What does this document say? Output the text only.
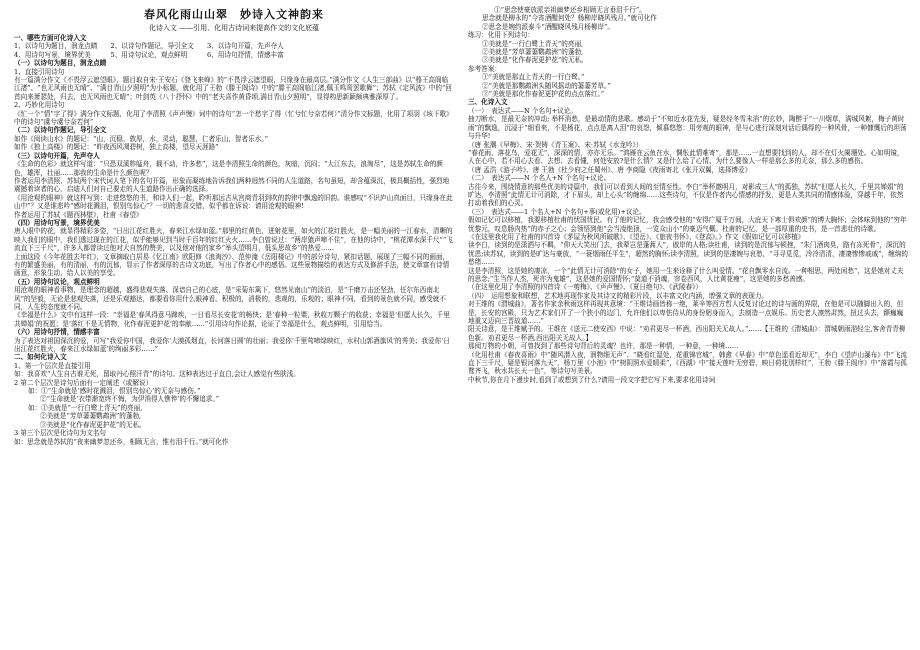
春风化雨山山翠　妙诗入文神韵来
化诗入文 ——引用、化用古诗词来提高作文的文化底蕴

一、哪些方面可化诗入文

1、以诗句为题目，润龙点睛　　2、以诗句作题记，导引全文　　3、以诗句开篇，先声夺人

4、用诗句写景，境界优美　　　5、用诗句议论，观点鲜明　　　6、用诗句抒情，情感丰富

（一）以诗句为题目，润龙点睛

1、直接引用诗句

有一篇满分作文《不畏浮云遮望眼》，题目取自宋·王安石《登飞来峰》的“不畏浮云遮望眼，只缘身在最高层。”满分作文《人生三部曲》以“蓦王高阁临江渚”、“也无风雨也无晴”、“满目青山夕照明”为小标题，就化用了王勃《滕王阁诗》中的“滕王高阁临江渚,佩玉鸣鸾罢歌舞”；苏轼《定风波》中的“回首向来萧瑟处，归去，也无风雨也无晴”；叶剑英《八十抒怀》中的“老夫喜作黄昏颂,满目青山夕照明”，显得构思新颖颇典雅深厚了。

2、巧妙化用诗句

《忙一个“情”字了得》满分作文标题，化用了李清照《声声慢》词中的诗句“怎一个愁字了得（忙兮忙兮奈若何）”清分作文标题，化用了项羽《垓下歌》中的诗句“虞兮虞兮奈若何”

（二）以诗句作题记，导引全文

如作《阅读山水》的题记：“山，沉稳，敦厚，水，灵动，聪慧，仁者乐山，智者乐水。”

如作《独上高楼》的题记：“昨夜西风凋碧树，独上高楼，望尽天涯路”

（三）以诗句开篇，先声夺人

《生命的色彩》就这样写道：“只恐双溪舴艋舟，载不动，许多愁”，这是李清照生命的颜色，灰暗，沉闷；“大江东去，浪淘尽”，这是苏轼生命的颜色，雄浑，壮丽……那我的生命是什么颜色呢？

作者运用李清照、苏轼两个宋代词人笔下的名句开篇，形象而凝练地告诉我们两种迥然不同的人生道路，名句虽短，却含蕴深沉，极具概括性，强烈地震撼着读者的心，启迪人们对自己要走的人生道路作出正确的选择。

《用沧观的眼神》就这样写到：走进悠悠的书，和诗人们一起，聆听那远古从宫商青羽到吹的韵律中飘逸的旧韵。谁感叹“不识庐山真面目，只缘身在此山中”？又是谁悲吟“感时花溅泪，恨别鸟惊心”？一切的悲喜交错，似乎都在诉说：请用沧观的眼神!

作者运用了苏轼《题西林壁》，杜甫《春望》

（四）用诗句写景，境界优美

唐人眼中的花，就显得精彩多姿，“日出江花红胜火，春来江水绿如蓝。”那里的红黄色，迸射花里，如火的江花红胜火，是一幅美丽的一江春水，清晰的映入我们的眼中，我们透过现在的江花，似乎能够见到当时千百年的红红火火……李白曾说过：“两岸猿声啼不住”，在他的诗中，“桃花潭水深千尺”“飞流直下三千尺”，许多人都曾读过他对大自然的赞美，以及他对他的家乡“举头望明月，低头思故乡”的热爱……

上面这段《今年花胜去年红》，文章摘取白居易《忆江南》欧阳修《浪淘沙》、范仲淹《岳阳楼记》中的部分诗句，紧扣话题，展现了三幅不同的画面，有的繁盛美丽，有的清丽，有的沉郁，显示了作者深厚的古诗文功底，写出了作者心中的感悟。这些景物描绘的表达方式及修辞手法，使文章富有诗情画意，形象生动，给人以美的享受。

（五）用诗句议论，观点鲜明

用沧观的眼神看事物，是理念的超越，盛得悲观失落、深谙自己的心底，是“采菊东篱下，悠然见南山”的淡泊，是“千磨万击还坚劲，任尔东西南北风”的坚毅，无论是悲观失落，还是乐观豁达，都要看你用什么眼神看。积极的，消极的，悲观的，乐观的；眼神不同，看到的景色就不同，感受就不同，人生的态度就不同。

《幸福是什么》文中有这样一段：“幸福是‘春风得意马蹄疾，一日看尽长安花’的畅快；是‘春种一粒粟，秋收万颗子’的收获；幸福是‘但愿人长久，千里共婵娟’的祝愿；是‘落红不是无情物，化作春泥更护花’的奉献……”引用诗句作论据，论证了幸福是什么，观点鲜明，引用恰当。

（六）用诗句抒情，情感丰富

为了表达对祖国深沉的爱，可写“我爱你中国，我爱你‘大漠孤烟直，长河落日圆’的壮丽；我爱你‘千里莺啼绿映红，水村山郭酒旗风’的秀美；我爱你‘日出江花红胜火，春来江水绿如蓝’的绚丽多彩……”

二、如何化诗入文

1、第一个层次是直接引用

如：我喜欢“人生自古谁无死，留取丹心照汗青”的诗句。这种表达过于直白,会让人感觉有些肤浅。

2 第二个层次是诗句后面有一定阐述（或解说）

如：①“生命就是‘感时花溅泪，恨别鸟惊心’的无奈与感伤。”

②“生命就是‘衣带渐宽终不悔，为伊消得人憔悴’的不懈追求。”

如：①美就是“一行白鹭上青天”的亮丽,

②美就是“芳草萋萋鹦鹉洲”的蓬勃,

③美就是“化作春泥更护花”的无私。

3 第三个层次是化诗句为文名句

如：思念就是苏轼的“夜来幽梦忽还乡，相顾无言，惟有泪千行。”就可化作

①“思念使豪放派亲祖幽梦还乡相顾无言垂泪千行”。

思念就是柳永的“今宵酒醒何处？杨柳岸晓风残月。”就可化作

②思念是婉约派泰斗“酒醒晓风残月杨柳岸”。

练习：化用下列诗句：

①美就是“一行白鹭上青天”的亮丽,

②美就是“芳草萋萋鹦鹉洲”的蓬勃,

③美就是“化作春泥更护花”的无私。

参考答案：

①“美就是那直上青天的一行白鹭。”

②“美就是那鹦鹉洲头随风摇动的萋萋芳草。”

③“美就是那化作春泥更护花的点点落红。”

三、化诗入文

（一）　表达式——N 个名句+议论。

抽刀断水，是最无奈的冲动; 举杯消愁，是最动情的悲歌。感动于“不知近水花先发，疑是经冬雪未消”的玄妙，陶醉于“一川烟草，满城风絮，梅子黄时雨”的飘逸，沉浸于“细看来，不是杨花，点点是离人泪”的哀怨，倾慕悠悠：用旁观的眼神，是与心进行深刻对话后偶得的一种风骨，一种慷慨后的坦荡与升华!

（唐 张潮《早梅》、宋·贺铸《青玉案》、宋·苏轼《水龙吟》）

“春花雨，落花鸟，爱花无”，深深的情，亦亦无乐。“鸿雁在云鱼在水，惆怅此情难寄”，那是……一直想要找到的人，却不在灯火阑珊处。心如明镜，人在心中，若不用心去看、去想、去看懂，何处安放?是什么情？又是什么给了心情、为什么要像人一样是那么多的无奈，那么多的感伤。

（唐 孟浩《游子吟》、唐 王勃《杜少府之任蜀州》、唐 李商隐《夜雨寄北《张开双翼，选择博爱》

（二）　表达式——N 个名人+N 个名句+议论。

古往今来，围绕情意的那些优美的诗篇中，我们可以看到人间的至情至性。李白“举杯邀明月，对影成三人”的孤独，苏轼“但愿人长久，千里共婵娟”的旷达，李清照“此情无计可消除，才下眉头，却上心头”的缠绵……这些诗句，不仅是作者内心情感的抒发，更是人类共同的情感体验，穿越千年，依然打动着我们的心灵。

（三）　表达式——1 个名人+N 个名句+事(或化用)+议论。

假如记忆可以移植，我要移植杜甫的忧国忧民。有了他的记忆，我会感受他的“安得广厦千万间，大庇天下寒士俱欢颜”的博大胸怀；会体味到他的“穷年忧黎元，叹息肠内热”的赤子之心；会领悟到他“会当凌绝顶，一览众山小”的豪迈气概。杜甫的记忆，是一部厚重的史书，是一首悲壮的诗歌。

《在这里我化用了杜甫的四首诗《茅屋为秋风所破歌》、《望岳》、《旅夜书怀》、《登高》。》作文《假如记忆可以移植》

读李白，读到的是潇洒与不羁，“仰天大笑出门去，我辈岂是蓬蒿人”，傲岸的人格;读杜甫，读到的是沉郁与顿挫，“朱门酒肉臭，路有冻死骨”，深沉的忧患;读苏轼，读到的是旷达与豪放，“一蓑烟雨任平生”，超然的胸怀;读李清照，读到的是凄婉与哀愁，“寻寻觅觅，冷冷清清，凄凄惨惨戚戚”，缠绵的愁绪……

这是李清照，这是她的凄凉，一个“此情无计可消除”的女子，她用一生来诠释了什么叫爱情。“花自飘零水自流。一种相思，两处闲愁”，这是她对丈夫的思念;“生当作人杰，死亦为鬼雄”，这是她的爱国情怀;“莫道不消魂，帘卷西风，人比黄花瘦”，这是她的多愁善感。

（在这里化用了李清照的四首诗《一剪梅》、《声声慢》、《夏日绝句》、《武陵春》）

（四）　运用想象和联想，艺术地再现作家及其诗文的精彩片段，以丰富文化内涵，增强文章的表现力。

对王维的《渭城曲》，著名作家余秋雨这样再现其意境：“王维诗画皆称一绝，莱辛等西方哲人反复讨论过的诗与画的界限，在他是可以随脚出入的，但是，长安的宫殿，只为艺术家们开了一个狭小的边门，允许他们以卑怯侍从的身份躬身而入，去制造一点娱乐。历史老人凛然肃然，扭过头去，颤巍巍地重又迈向三晋故道……”

阳关诗意，是王维赋予的。王维在《送元二使安西》中说：“劝君更尽一杯酒，西出阳关无故人。”……【王维的《渭城曲》：渭城朝雨浥轻尘,客舍青青柳色新。劝君更尽一杯酒,西出阳关无故人。】

那阅万物的小朝，可曾找到了那些诗句背后的灵魂？也许，那是一种情，一种意，一种境……

（化用杜甫《春夜喜雨》中“随风潜入夜，润物细无声”、“晓看红湿处，花重锦官城”，韩愈《早春》中“草色遥看近却无”，李白《望庐山瀑布》中“飞流直下三千尺，疑是银河落九天”，杨万里《小池》中“树阴照水爱晴柔”，《西湖》中“接天莲叶无穷碧，映日荷花别样红”，王勃《滕王阁序》中“落霞与孤鹜齐飞，秋水共长天一色”，等诗句写美景。

中秋节,你在月下漫步时,看到了或想到了什么?请用一段文字把它写下来,要求化用诗词
